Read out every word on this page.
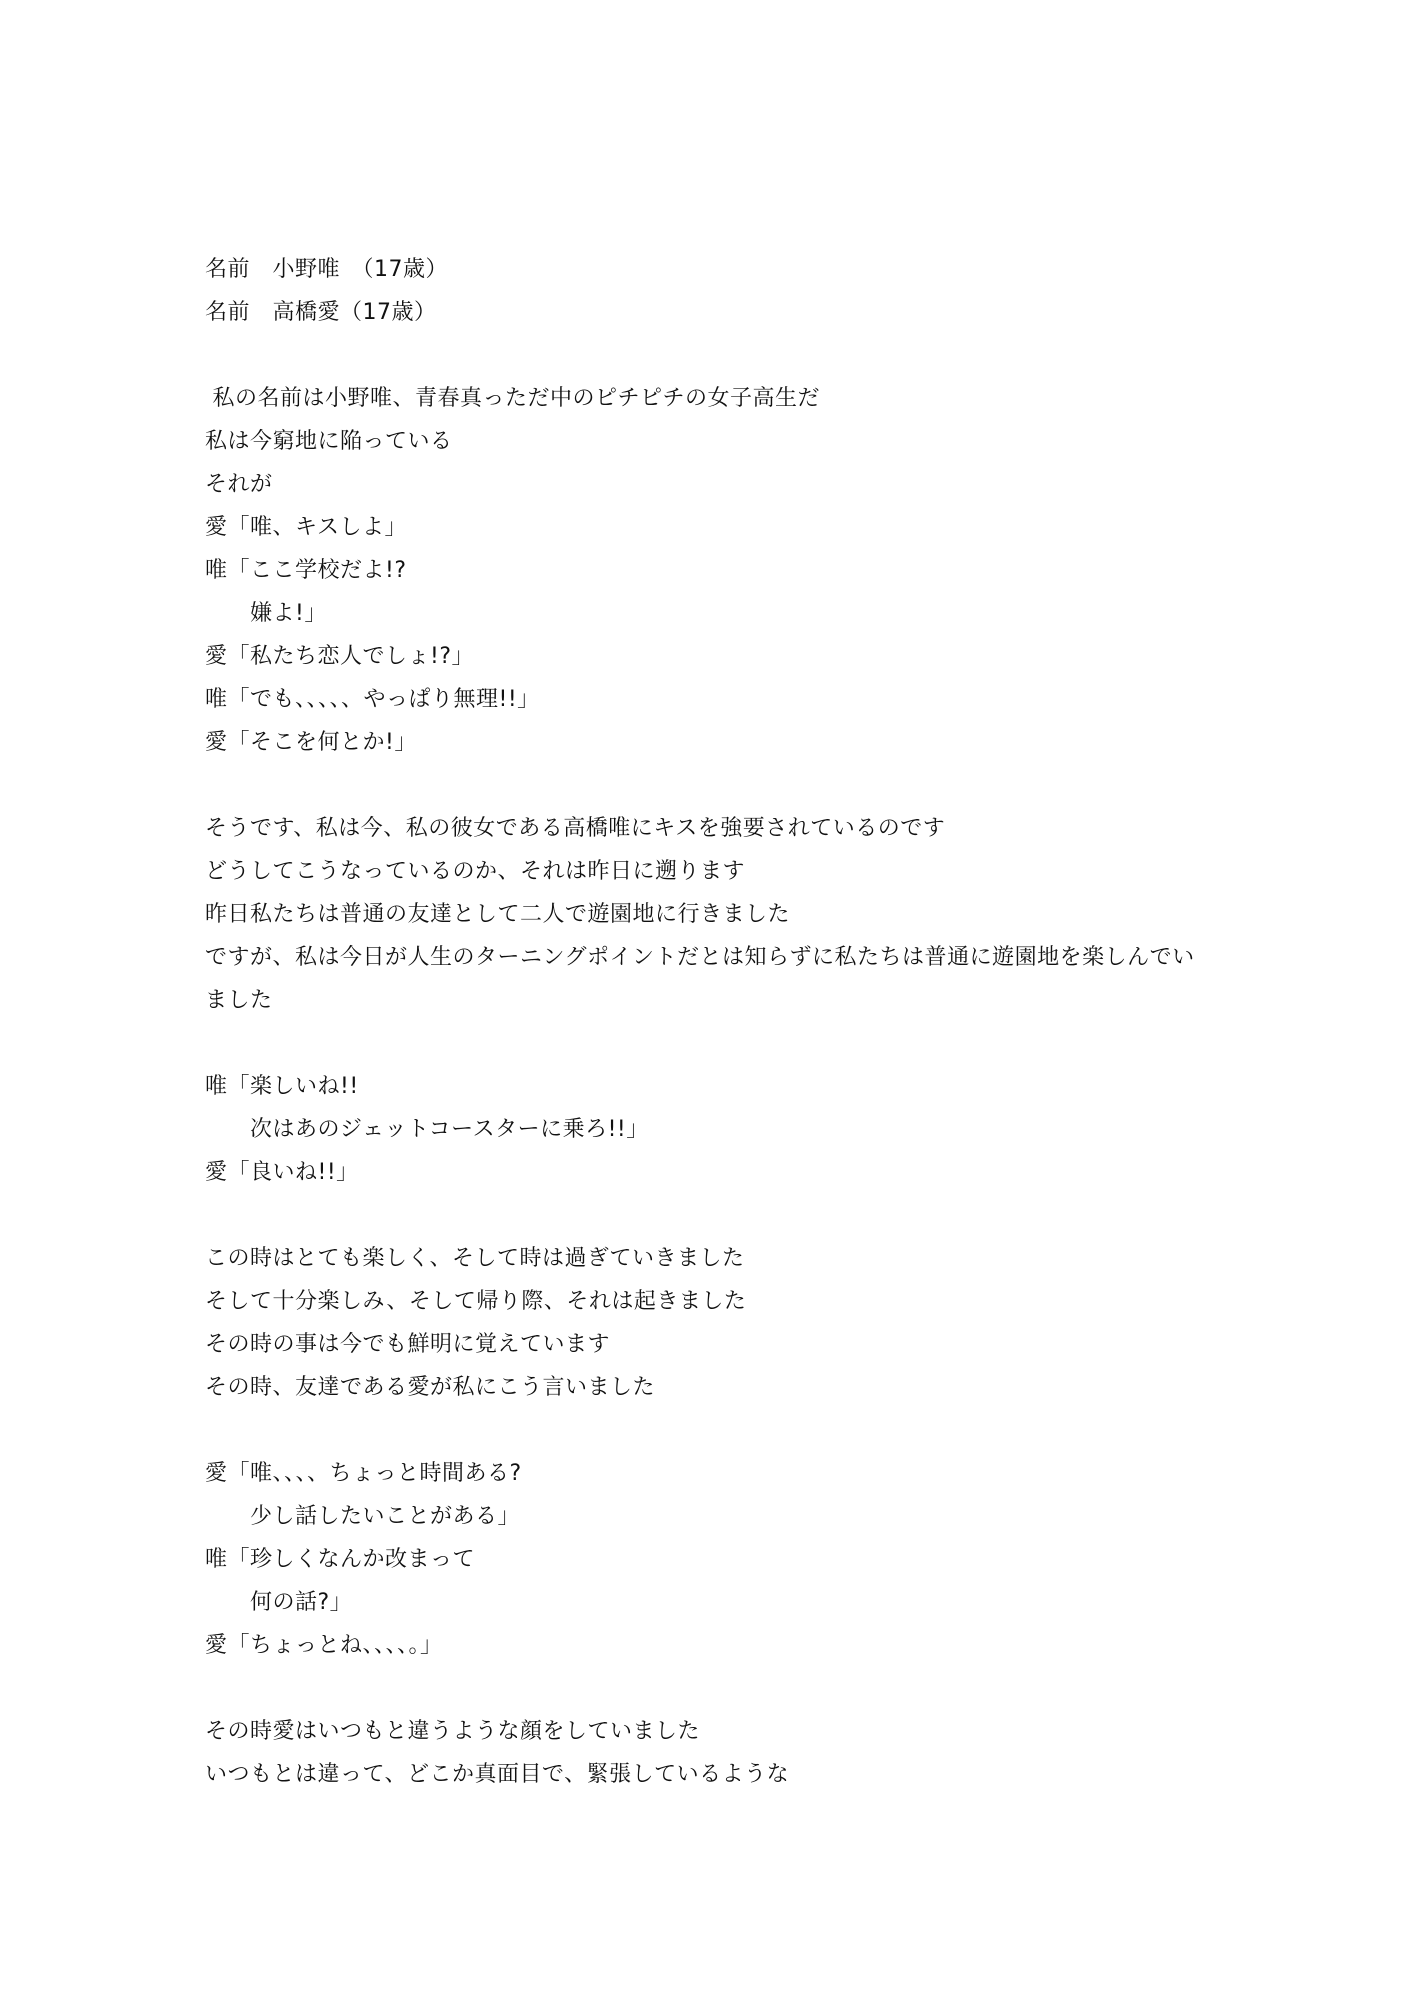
名前　小野唯　（17歳）
名前　高橋愛（17歳）
私の名前は小野唯、青春真っただ中のピチピチの女子高生だ
私は今窮地に陥っている
それが
愛「唯、キスしよ」
唯「ここ学校だよ!?
　　嫌よ!」
愛「私たち恋人でしょ!?」
唯「でも、、、、、やっぱり無理!!」
愛「そこを何とか!」
そうです、私は今、私の彼女である高橋唯にキスを強要されているのです
どうしてこうなっているのか、それは昨日に遡ります
昨日私たちは普通の友達として二人で遊園地に行きました
ですが、私は今日が人生のターニングポイントだとは知らずに私たちは普通に遊園地を楽しんでい
ました
唯「楽しいね!!
　　次はあのジェットコースターに乗ろ!!」
愛「良いね!!」
この時はとても楽しく、そして時は過ぎていきました
そして十分楽しみ、そして帰り際、それは起きました
その時の事は今でも鮮明に覚えています
その時、友達である愛が私にこう言いました
愛「唯、、、、ちょっと時間ある?
　　少し話したいことがある」
唯「珍しくなんか改まって
　　何の話?」
愛「ちょっとね、、、、。」
その時愛はいつもと違うような顔をしていました
いつもとは違って、どこか真面目で、緊張しているような
